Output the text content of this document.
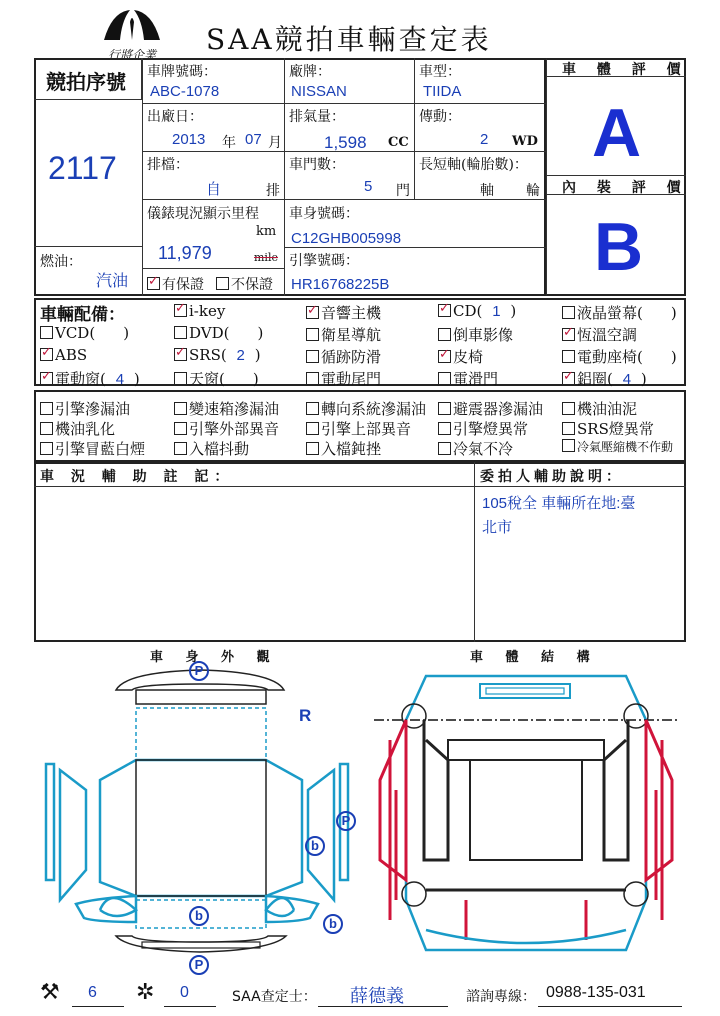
行將企業 SAA競拍車輛查定表
競拍序號
2117
燃油：
汽油
車牌號碼：
ABC-1078
廠牌：
NISSAN
車型：
TIIDA
出廠日：
2013 年 07 月
排氣量：
1,598 CC
傳動：
2 WD
排檔：
自	排
車門數：
5 門
長短軸(輪胎數)：
軸 輪
儀錶現況顯示里程
km
11,979	mile
✓有保證	不保證
車身號碼：
C12GHB005998
引擎號碼：
HR16768225B
車 體 評 價
A
內 裝 評 價
B
車輛配備： ✓	i-key ✓	音響主機 ✓	CD( 1 )	液晶螢幕( )
VCD( )	DVD( )	衛星導航	倒車影像 ✓	恆溫空調
✓ABS ✓	SRS( 2 )	循跡防滑 ✓	皮椅	電動座椅( )
✓電動窗( 4 )	天窗( )	電動尾門	電滑門 ✓	鋁圈( 4 )
引擎滲漏油	變速箱滲漏油	轉向系統滲漏油	避震器滲漏油	機油油泥
機油乳化	引擎外部異音	引擎上部異音	引擎燈異常	SRS燈異常
引擎冒藍白煙	入檔抖動	入檔鈍挫	冷氣不冷	冷氣壓縮機不作動
車 況 輔 助 註 記：	委拍人輔助說明：
105稅全 車輛所在地:臺
北市
車 身 外 觀	車 體 結 構
P
R
P
b
b
b
P
⚒ 6 ✲ 0	SAA查定士： 薛德義	諮詢專線： 0988-135-031
